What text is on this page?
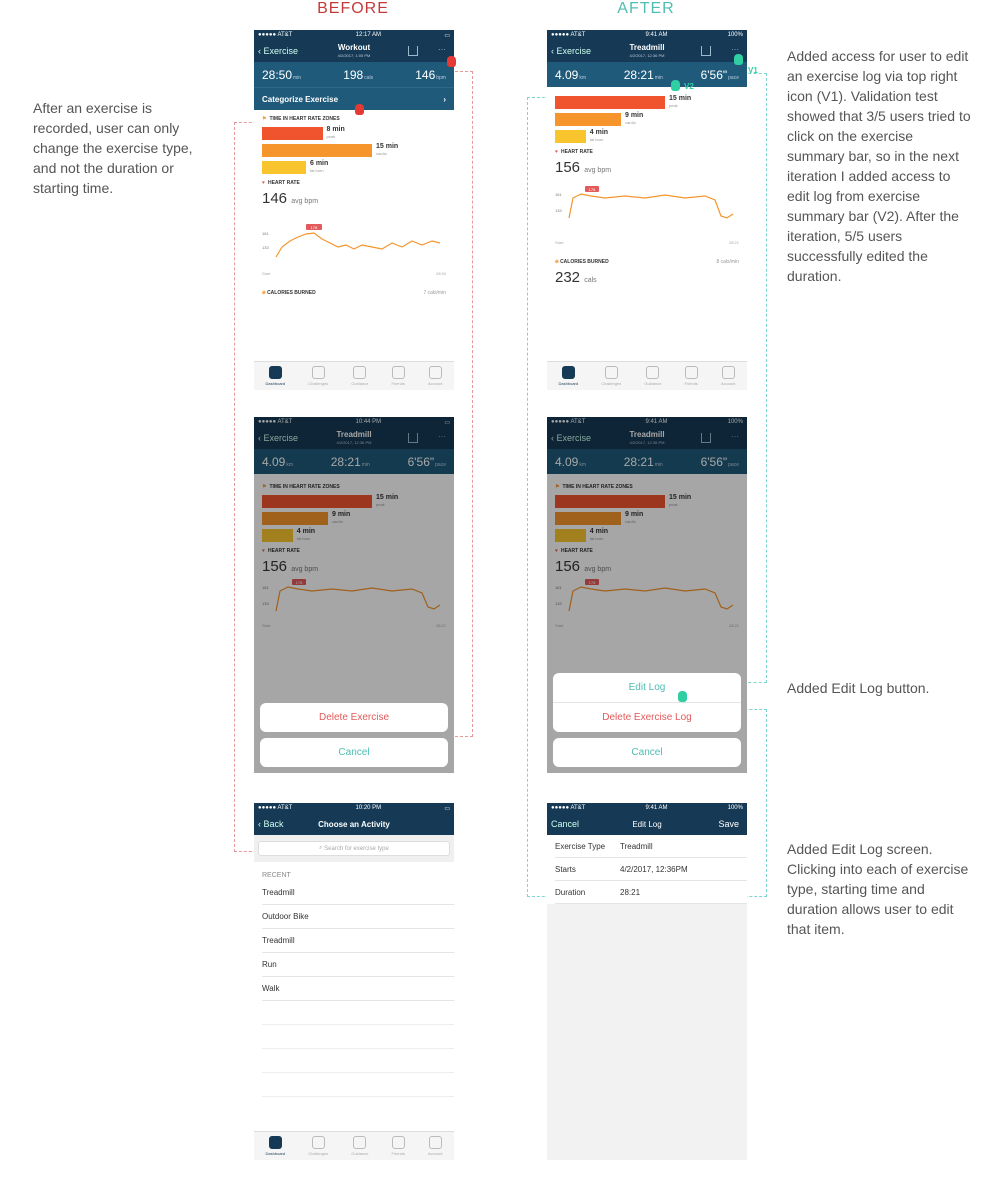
BEFORE	AFTER
After an exercise is recorded, user can only change the exercise type, and not the duration or starting time.
Added access for user to edit an exercise log via top right icon (V1). Validation test showed that 3/5 users tried to click on the exercise summary bar, so in the next iteration I added access to edit log from exercise summary bar (V2). After the iteration, 5/5 users successfully edited the duration.
Added Edit Log button.
Added Edit Log screen. Clicking into each of exercise type, starting time and duration allows user to edit that item.
●●●●● AT&T	12:17 AM	▭
‹ Exercise	Workout
4/2/2017, 1:05 PM
···
28:50min	198cals	146bpm
Categorize Exercise	›
⚑ TIME IN HEART RATE ZONES
8 min
peak
15 min
cardio
6 min
fat burn
♥ HEART RATE
146 avg bpm
161
133
178
Start	28:50
🔥︎ CALORIES BURNED	7 cals/min
Dashboard	Challenges	Guidance	Friends	Account
●●●●● AT&T	9:41 AM	100%
‹ Exercise	Treadmill
4/2/2017, 12:36 PM
···
4.09km	28:21min	6'56"pace
15 min
peak
9 min
cardio
4 min
fat burn
♥ HEART RATE
156 avg bpm
161
133
178
Start	28:21
🔥︎ CALORIES BURNED	8 cals/min
232 cals
Dashboard	Challenges	Guidance	Friends	Account
V1
V2
●●●●● AT&T	10:44 PM	▭
‹ Exercise	Treadmill
4/2/2017, 12:36 PM
···
4.09km	28:21min	6'56"pace
⚑ TIME IN HEART RATE ZONES
15 min
peak
9 min
cardio
4 min
fat burn
♥ HEART RATE
156 avg bpm
161
133
178
Start	28:21
Delete Exercise
Cancel
●●●●● AT&T	9:41 AM	100%
‹ Exercise	Treadmill
4/2/2017, 12:36 PM
···
4.09km	28:21min	6'56"pace
⚑ TIME IN HEART RATE ZONES
15 min
peak
9 min
cardio
4 min
fat burn
♥ HEART RATE
156 avg bpm
161
133
178
Start	28:21
Edit Log
Delete Exercise Log
Cancel
●●●●● AT&T	10:20 PM	▭
‹ Back	Choose an Activity
⌕ Search for exercise type
RECENT
Treadmill
Outdoor Bike
Treadmill
Run
Walk
Dashboard	Challenges	Guidance	Friends	Account
●●●●● AT&T	9:41 AM	100%
Cancel	Edit Log	Save
Exercise Type	Treadmill
Starts	4/2/2017, 12:36PM
Duration	28:21
